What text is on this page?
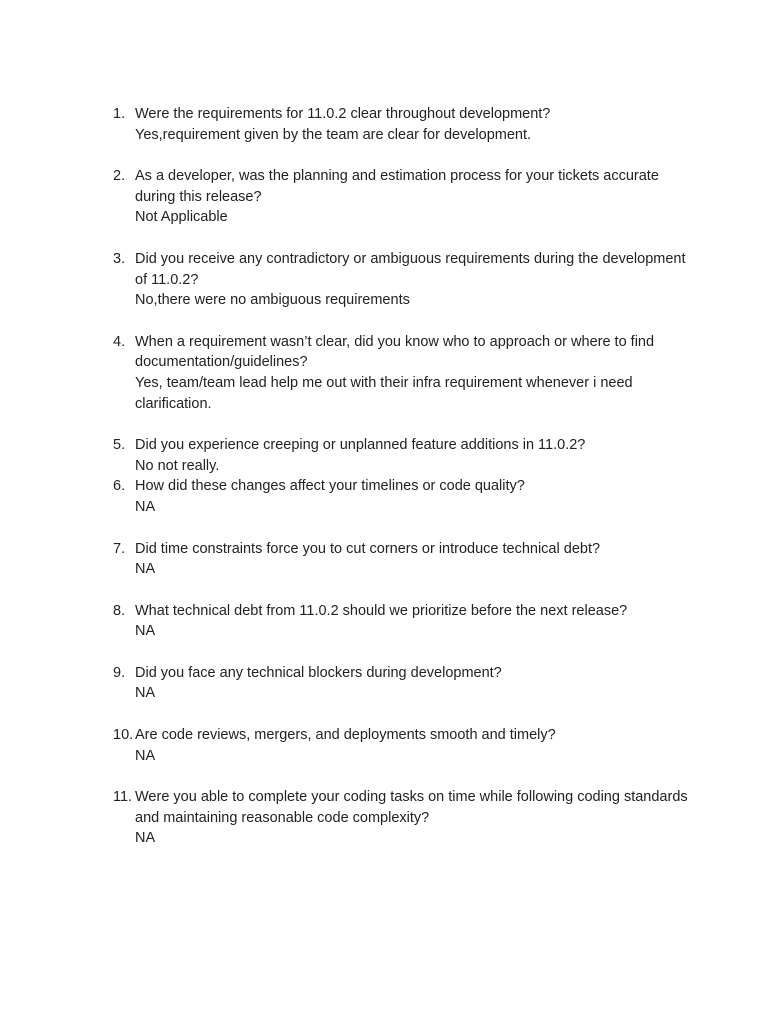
1. Were the requirements for 11.0.2 clear throughout development?
Yes,requirement given by the team are clear for development.
2. As a developer, was the planning and estimation process for your tickets accurate during this release?
Not Applicable
3. Did you receive any contradictory or ambiguous requirements during the development of 11.0.2?
No,there were no ambiguous requirements
4. When a requirement wasn’t clear, did you know who to approach or where to find documentation/guidelines?
Yes, team/team lead help me out with their infra requirement whenever i need clarification.
5. Did you experience creeping or unplanned feature additions in 11.0.2?
No not really.
6. How did these changes affect your timelines or code quality?
NA
7. Did time constraints force you to cut corners or introduce technical debt?
NA
8. What technical debt from 11.0.2 should we prioritize before the next release?
NA
9. Did you face any technical blockers during development?
NA
10. Are code reviews, mergers, and deployments smooth and timely?
NA
11. Were you able to complete your coding tasks on time while following coding standards and maintaining reasonable code complexity?
NA
